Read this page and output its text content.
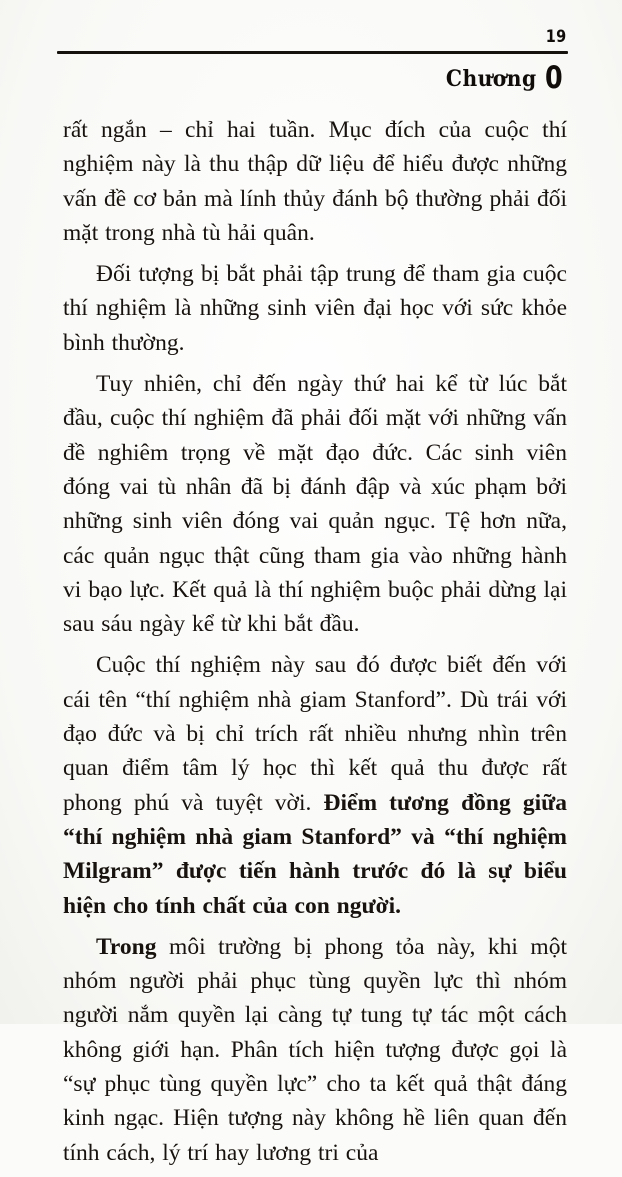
19
Chương 0

rất ngắn – chỉ hai tuần. Mục đích của cuộc thí nghiệm này là thu thập dữ liệu để hiểu được những vấn đề cơ bản mà lính thủy đánh bộ thường phải đối mặt trong nhà tù hải quân.

Đối tượng bị bắt phải tập trung để tham gia cuộc thí nghiệm là những sinh viên đại học với sức khỏe bình thường.

Tuy nhiên, chỉ đến ngày thứ hai kể từ lúc bắt đầu, cuộc thí nghiệm đã phải đối mặt với những vấn đề nghiêm trọng về mặt đạo đức. Các sinh viên đóng vai tù nhân đã bị đánh đập và xúc phạm bởi những sinh viên đóng vai quản ngục. Tệ hơn nữa, các quản ngục thật cũng tham gia vào những hành vi bạo lực. Kết quả là thí nghiệm buộc phải dừng lại sau sáu ngày kể từ khi bắt đầu.

Cuộc thí nghiệm này sau đó được biết đến với cái tên “thí nghiệm nhà giam Stanford”. Dù trái với đạo đức và bị chỉ trích rất nhiều nhưng nhìn trên quan điểm tâm lý học thì kết quả thu được rất phong phú và tuyệt vời. Điểm tương đồng giữa “thí nghiệm nhà giam Stanford” và “thí nghiệm Milgram” được tiến hành trước đó là sự biểu hiện cho tính chất của con người.

Trong môi trường bị phong tỏa này, khi một nhóm người phải phục tùng quyền lực thì nhóm người nắm quyền lại càng tự tung tự tác một cách không giới hạn. Phân tích hiện tượng được gọi là “sự phục tùng quyền lực” cho ta kết quả thật đáng kinh ngạc. Hiện tượng này không hề liên quan đến tính cách, lý trí hay lương tri của
